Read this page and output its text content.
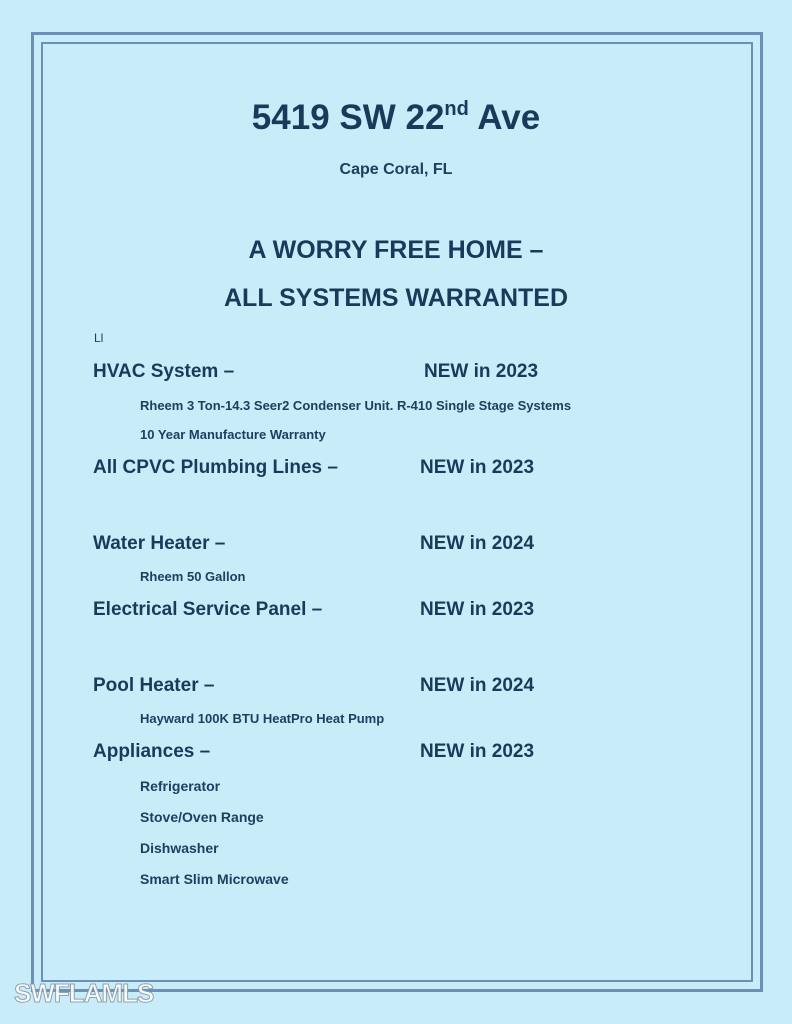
5419 SW 22nd Ave
Cape Coral, FL
A WORRY FREE HOME –
ALL SYSTEMS WARRANTED
Ll
HVAC System –	NEW in 2023
Rheem 3 Ton-14.3 Seer2 Condenser Unit. R-410 Single Stage Systems
10 Year Manufacture Warranty
All CPVC Plumbing Lines –	NEW in 2023
Water Heater –	NEW in 2024
Rheem 50 Gallon
Electrical Service Panel –	NEW in 2023
Pool Heater –	NEW in 2024
Hayward 100K BTU HeatPro Heat Pump
Appliances –	NEW in 2023
Refrigerator
Stove/Oven Range
Dishwasher
Smart Slim Microwave
SWFLAMLS
